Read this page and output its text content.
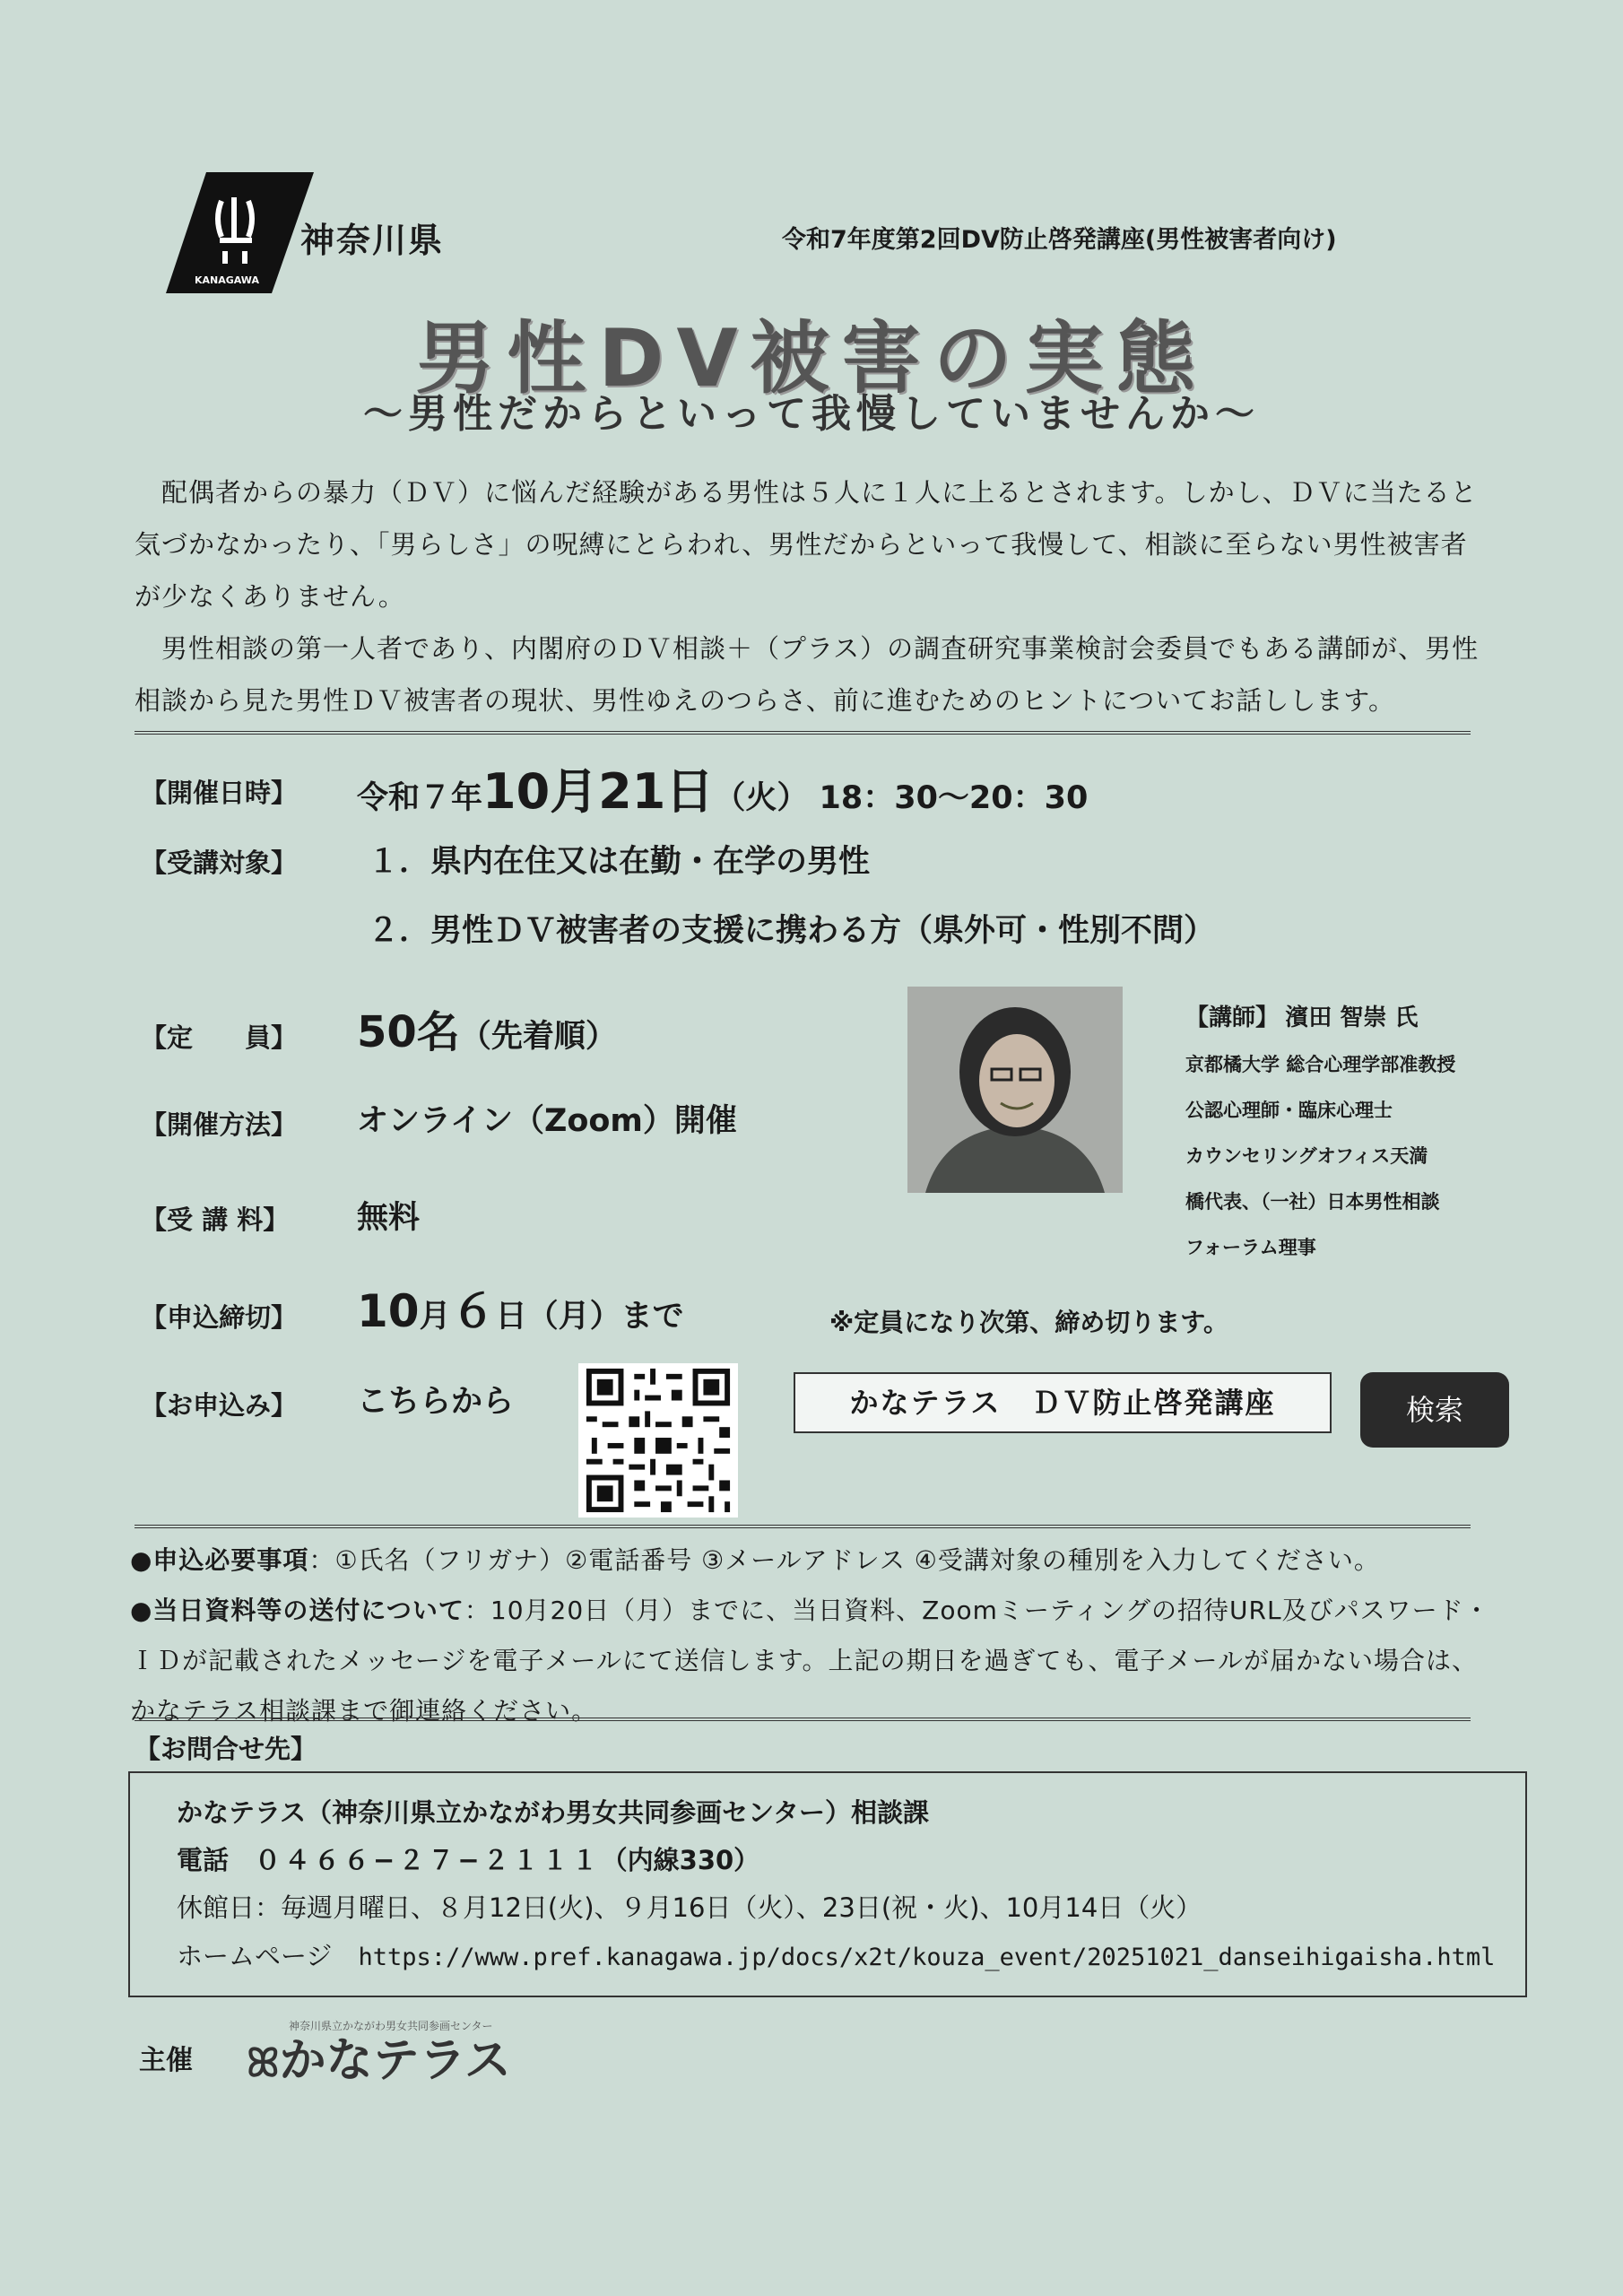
KANAGAWA
神奈川県	令和7年度第2回DV防止啓発講座(男性被害者向け)
男性DV被害の実態
〜男性だからといって我慢していませんか〜

配偶者からの暴力（ＤＶ）に悩んだ経験がある男性は５人に１人に上るとされます。しかし、ＤＶに当たると気づかなかったり、「男らしさ」の呪縛にとらわれ、男性だからといって我慢して、相談に至らない男性被害者が少なくありません。

男性相談の第一人者であり、内閣府のＤＶ相談＋（プラス）の調査研究事業検討会委員でもある講師が、男性相談から見た男性ＤＶ被害者の現状、男性ゆえのつらさ、前に進むためのヒントについてお話しします。

【開催日時】 令和７年10月21日（火） 18：30〜20：30
【受講対象】 １．県内在住又は在勤・在学の男性
２．男性ＤＶ被害者の支援に携わる方（県外可・性別不問）
【定　　員】 50名（先着順）
【開催方法】 オンライン（Zoom）開催
【受 講 料】 無料
【講師】 濱田 智崇 氏
京都橘大学 総合心理学部准教授
公認心理師・臨床心理士
カウンセリングオフィス天満
橋代表、（一社）日本男性相談
フォーラム理事
【申込締切】 10月６日（月）まで	※定員になり次第、締め切ります。
【お申込み】 こちらから	かなテラス　ＤＶ防止啓発講座	検索

●申込必要事項：①氏名（フリガナ）②電話番号 ③メールアドレス ④受講対象の種別を入力してください。

●当日資料等の送付について：10月20日（月）までに、当日資料、Zoomミーティングの招待URL及びパスワード・ＩＤが記載されたメッセージを電子メールにて送信します。上記の期日を過ぎても、電子メールが届かない場合は、かなテラス相談課まで御連絡ください。

【お問合せ先】
かなテラス（神奈川県立かながわ男女共同参画センター）相談課
電話　 ０４６６−２７−２１１１（内線330）
休館日：毎週月曜日、８月12日(火)、９月16日（火）、23日(祝・火)、10月14日（火）
ホームページ　 https://www.pref.kanagawa.jp/docs/x2t/kouza_event/20251021_danseihigaisha.html
主催
神奈川県立かながわ男女共同参画センター
ꕤかなテラス
